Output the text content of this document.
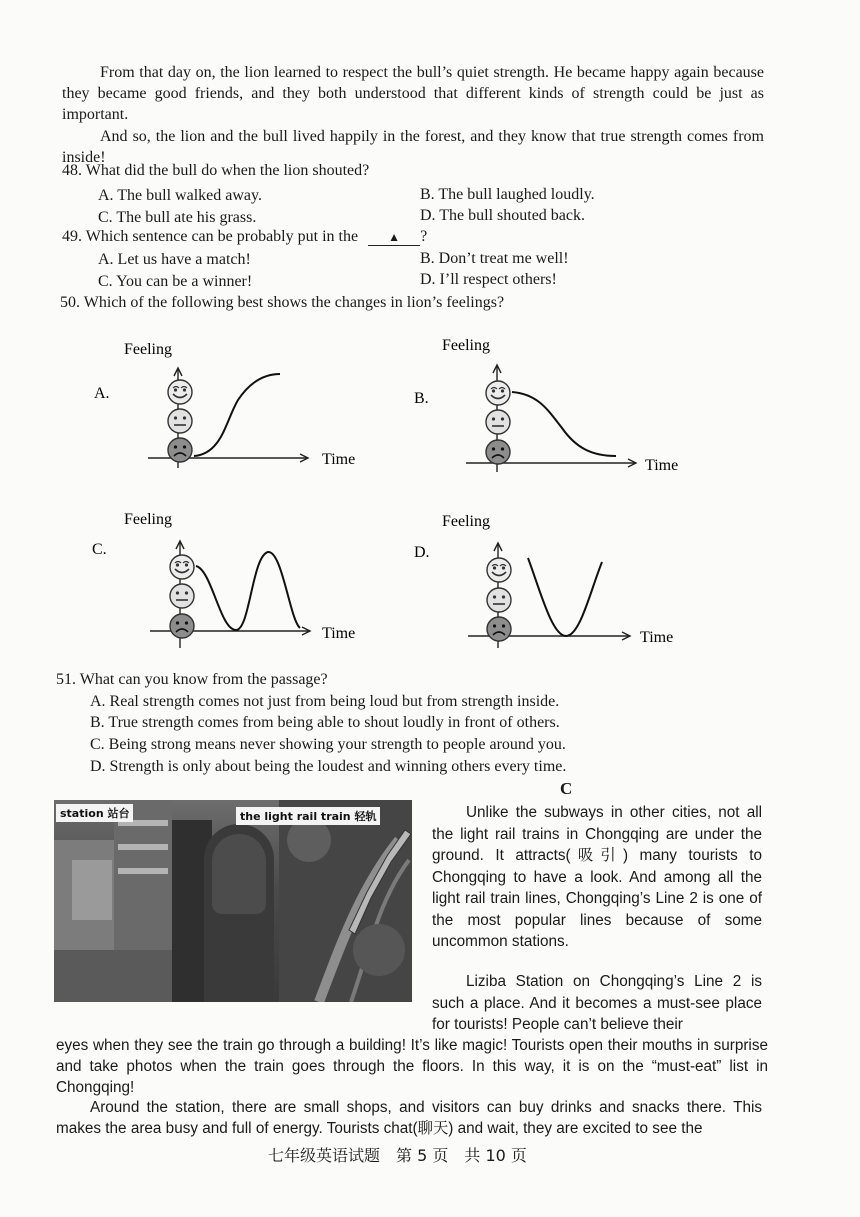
From that day on, the lion learned to respect the bull’s quiet strength. He became happy again because they became good friends, and they both understood that different kinds of strength could be just as important.
And so, the lion and the bull lived happily in the forest, and they know that true strength comes from inside!
48. What did the bull do when the lion shouted?
A. The bull walked away.	B. The bull laughed loudly.
C. The bull ate his grass.	D. The bull shouted back.
49. Which sentence can be probably put in the	▲ ?
A. Let us have a match!	B. Don’t treat me well!
C. You can be a winner!	D. I’ll respect others!
50. Which of the following best shows the changes in lion’s feelings?
A.
Feeling
Time
B.
Feeling
Time
C.
Feeling
Time
D.
Feeling
Time
51. What can you know from the passage?
A. Real strength comes not just from being loud but from strength inside.
B. True strength comes from being able to shout loudly in front of others.
C. Being strong means never showing your strength to people around you.
D. Strength is only about being the loudest and winning others every time.
C
station 站台	the light rail train 轻轨	Unlike the subways in other cities, not all the light rail trains in Chongqing are under the ground. It attracts(吸引) many tourists to Chongqing to have a look. And among all the light rail train lines, Chongqing’s Line 2 is one of the most popular lines because of some uncommon stations.
Liziba Station on Chongqing’s Line 2 is such a place. And it becomes a must-see place for tourists! People can’t believe their
eyes when they see the train go through a building! It’s like magic! Tourists open their mouths in surprise and take photos when the train goes through the floors. In this way, it is on the “must-eat” list in Chongqing!
Around the station, there are small shops, and visitors can buy drinks and snacks there. This makes the area busy and full of energy. Tourists chat(聊天) and wait, they are excited to see the
七年级英语试题　第 5 页　共 10 页
